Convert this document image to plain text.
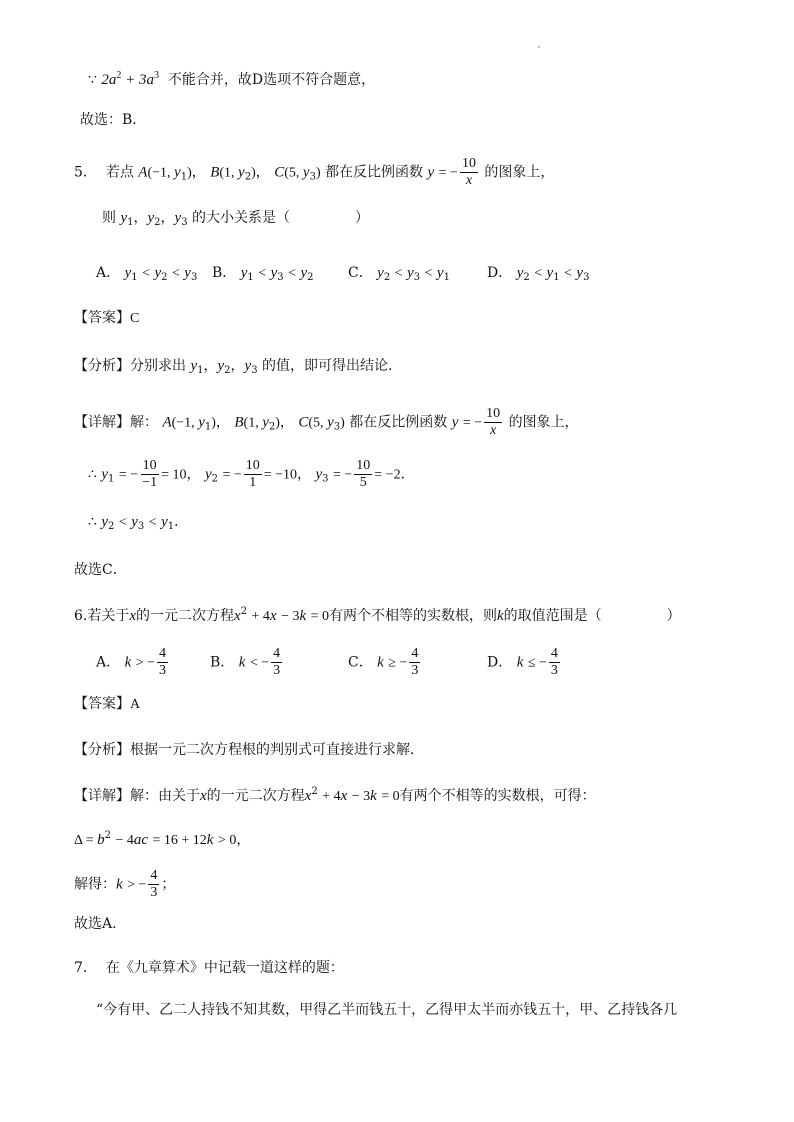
∵ $2a^2 + 3a^3$ 不能合并，故D选项不符合题意，
故选：B．
5． 若点 A(−1, $y_1$)， B(1, $y_2$)， C(5, $y_3$) 都在反比例函数 y = − $\frac{10}{x}$ 的图象上，
则 $y_1$，$y_2$，$y_3$ 的大小关系是（	）
A． $y_1 < y_2 < y_3$ B． $y_1 < y_3 < y_2$ C． $y_2 < y_3 < y_1$	D． $y_2 < y_1 < y_3$
【答案】C
【分析】分别求出 $y_1$，$y_2$，$y_3$ 的值，即可得出结论．
【详解】解： A(−1, $y_1$)， B(1, $y_2$)， C(5, $y_3$) 都在反比例函数 y = − $\frac{10}{x}$ 的图象上，
∴ $y_1$ = − $\frac{10}{-1} = 10$， $y_2$ = − $\frac{10}{1} = -10$， $y_3$ = − $\frac{10}{5} = -2$．
∴ $y_2 < y_3 < y_1$．
故选C．
6.若关于x的一元二次方程$x^2 + 4x - 3k = 0$有两个不相等的实数根，则k的取值范围是（	）
A． k > − $\frac{4}{3}$	B． k < − $\frac{4}{3}$	C． k ≥ − $\frac{4}{3}$	D． k ≤ − $\frac{4}{3}$
【答案】A
【分析】根据一元二次方程根的判别式可直接进行求解．
【详解】解：由关于x的一元二次方程$x^2 + 4x - 3k = 0$有两个不相等的实数根，可得：
$\Delta = b^2 - 4ac = 16 + 12k > 0$，
解得：k > − $\frac{4}{3}$ ；
故选A．
7． 在《九章算术》中记载一道这样的题：
“今有甲、乙二人持钱不知其数，甲得乙半而钱五十，乙得甲太半而亦钱五十，甲、乙持钱各几
